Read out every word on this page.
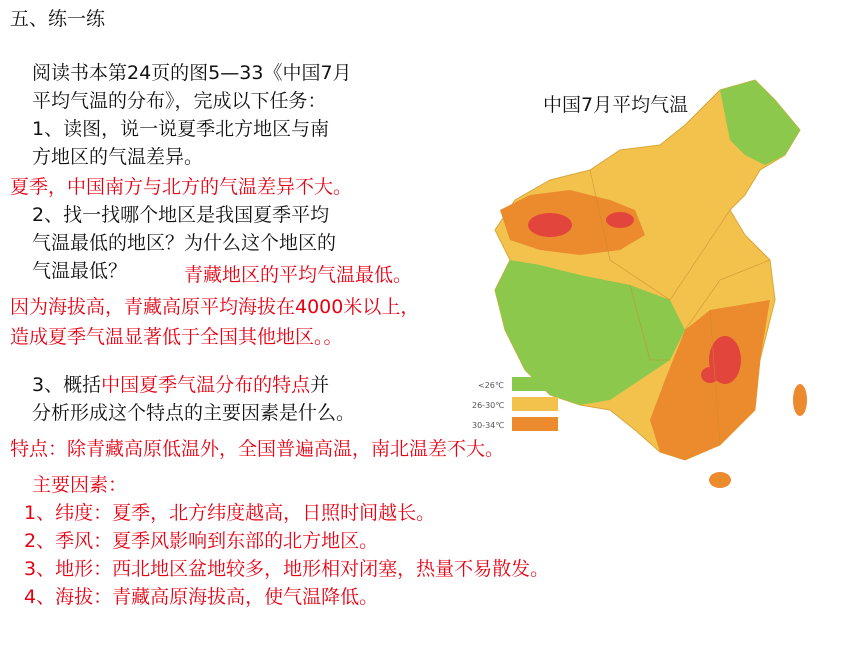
五、练一练
阅读书本第24页的图5—33《中国7月
平均气温的分布》，完成以下任务：
1、读图，说一说夏季北方地区与南
方地区的气温差异。
夏季，中国南方与北方的气温差异不大。
2、找一找哪个地区是我国夏季平均
气温最低的地区？为什么这个地区的
气温最低？	青藏地区的平均气温最低。
因为海拔高，青藏高原平均海拔在4000米以上，
造成夏季气温显著低于全国其他地区。。
3、概括中国夏季气温分布的特点并
分析形成这个特点的主要因素是什么。
特点：除青藏高原低温外，全国普遍高温，南北温差不大。
主要因素：
1、纬度：夏季，北方纬度越高，日照时间越长。
2、季风：夏季风影响到东部的北方地区。
3、地形：西北地区盆地较多，地形相对闭塞，热量不易散发。
4、海拔：青藏高原海拔高，使气温降低。
<26℃
26-30℃
30-34℃
中国7月平均气温
